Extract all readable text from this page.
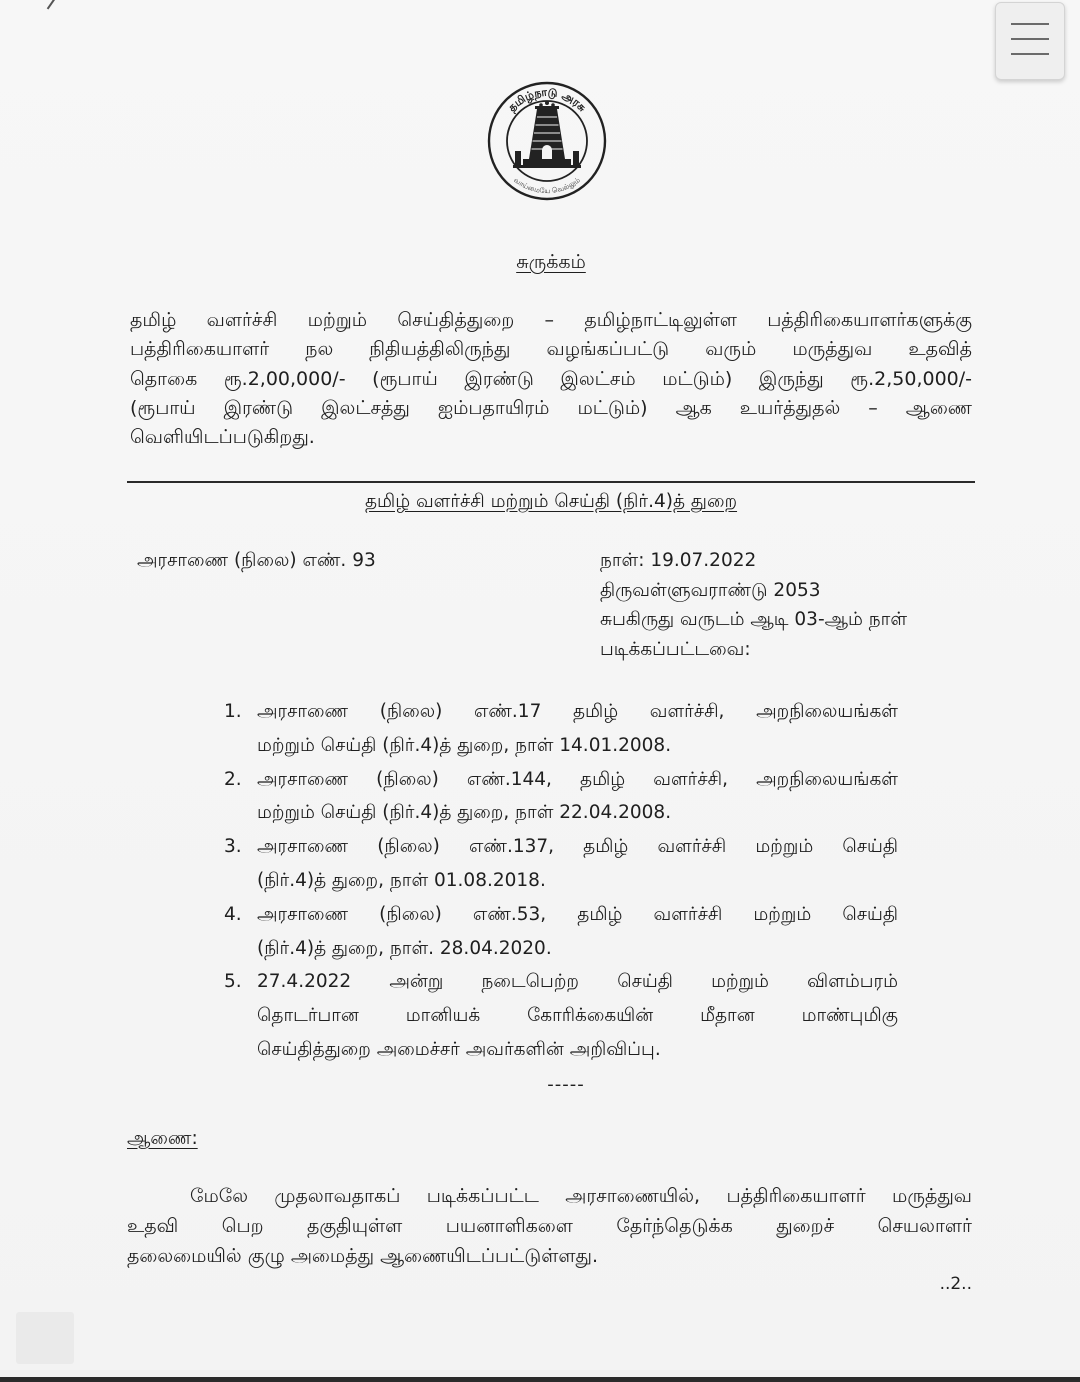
தமிழ்நாடு அரசு
வாய்மையே வெல்லும்
சுருக்கம்
தமிழ் வளர்ச்சி மற்றும் செய்தித்துறை – தமிழ்நாட்டிலுள்ள பத்திரிகையாளர்களுக்கு
பத்திரிகையாளர் நல நிதியத்திலிருந்து வழங்கப்பட்டு வரும் மருத்துவ உதவித்
தொகை ரூ.2,00,000/- (ரூபாய் இரண்டு இலட்சம் மட்டும்) இருந்து ரூ.2,50,000/-
(ரூபாய் இரண்டு இலட்சத்து ஐம்பதாயிரம் மட்டும்) ஆக உயர்த்துதல் – ஆணை
வெளியிடப்படுகிறது.
தமிழ் வளர்ச்சி மற்றும் செய்தி (நிர்.4)த் துறை
அரசாணை (நிலை) எண். 93	நாள்: 19.07.2022
திருவள்ளுவராண்டு 2053
சுபகிருது வருடம் ஆடி 03-ஆம் நாள்
படிக்கப்பட்டவை:
1. அரசாணை (நிலை) எண்.17 தமிழ் வளர்ச்சி, அறநிலையங்கள்
மற்றும் செய்தி (நிர்.4)த் துறை, நாள் 14.01.2008.
2. அரசாணை (நிலை) எண்.144, தமிழ் வளர்ச்சி, அறநிலையங்கள்
மற்றும் செய்தி (நிர்.4)த் துறை, நாள் 22.04.2008.
3. அரசாணை (நிலை) எண்.137, தமிழ் வளர்ச்சி மற்றும் செய்தி
(நிர்.4)த் துறை, நாள் 01.08.2018.
4. அரசாணை (நிலை) எண்.53, தமிழ் வளர்ச்சி மற்றும் செய்தி
(நிர்.4)த் துறை, நாள். 28.04.2020.
5. 27.4.2022 அன்று நடைபெற்ற செய்தி மற்றும் விளம்பரம்
தொடர்பான மானியக் கோரிக்கையின் மீதான மாண்புமிகு
செய்தித்துறை அமைச்சர் அவர்களின் அறிவிப்பு.
-----
ஆணை:
மேலே முதலாவதாகப் படிக்கப்பட்ட அரசாணையில், பத்திரிகையாளர் மருத்துவ
உதவி பெற தகுதியுள்ள பயனாளிகளை தேர்ந்தெடுக்க துறைச் செயலாளர்
தலைமையில் குழு அமைத்து ஆணையிடப்பட்டுள்ளது.
..2..
